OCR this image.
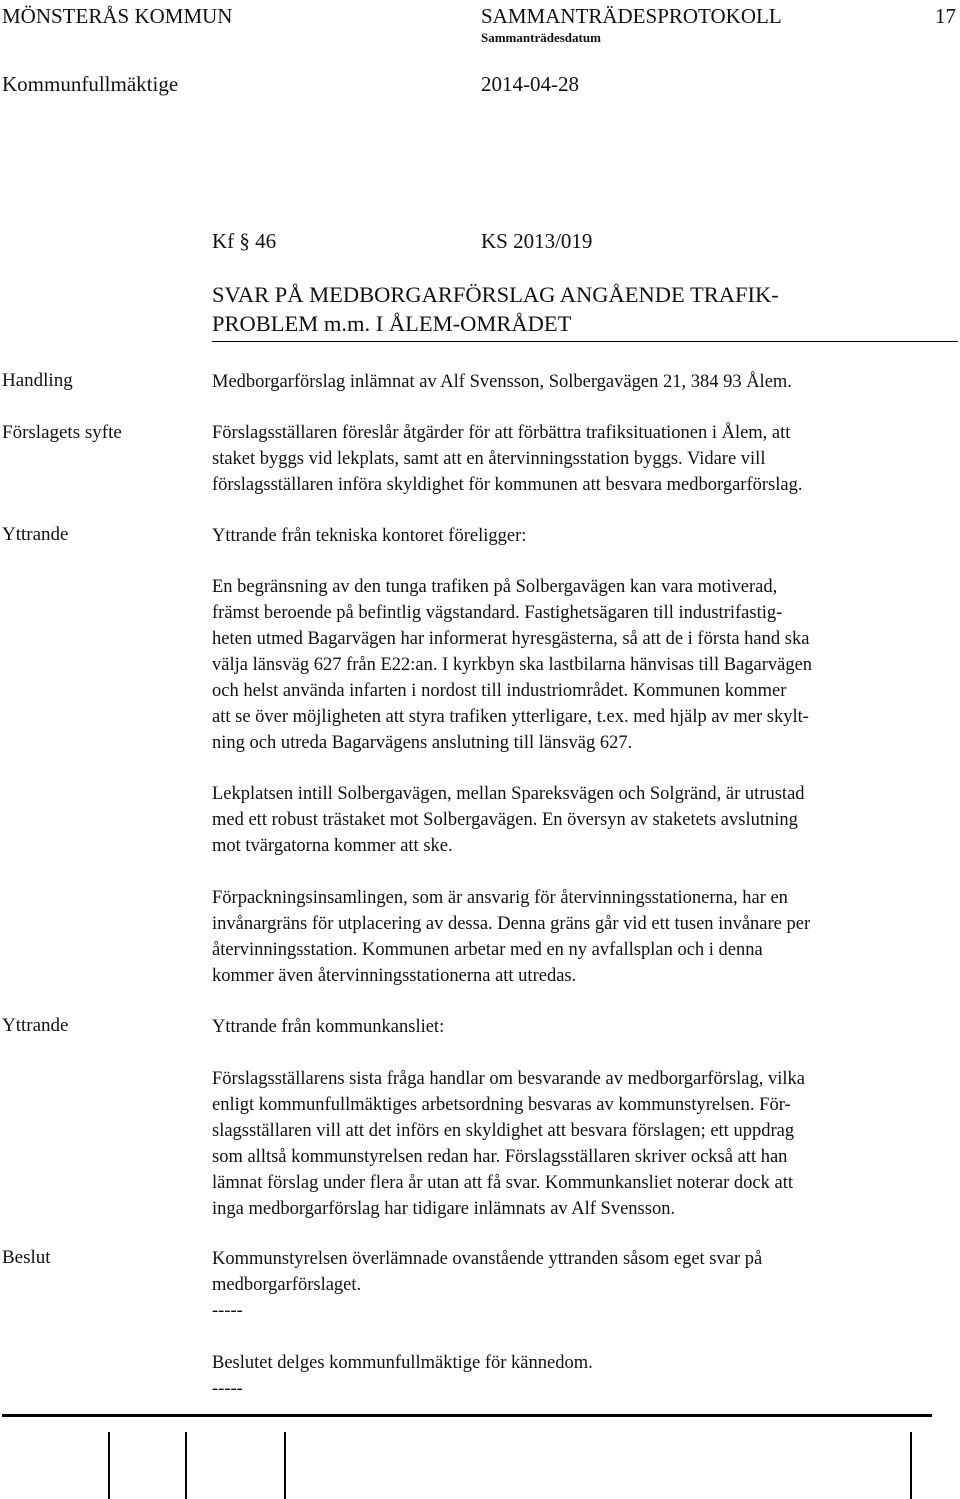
MÖNSTERÅS KOMMUN	SAMMANTRÄDESPROTOKOLL	17
Sammanträdesdatum
Kommunfullmäktige	2014-04-28
Kf § 46	KS 2013/019
SVAR PÅ MEDBORGARFÖRSLAG ANGÅENDE TRAFIK-
PROBLEM m.m. I ÅLEM-OMRÅDET
Handling	Medborgarförslag inlämnat av Alf Svensson, Solbergavägen 21, 384 93 Ålem.
Förslagets syfte	Förslagsställaren föreslår åtgärder för att förbättra trafiksituationen i Ålem, att

staket byggs vid lekplats, samt att en återvinningsstation byggs. Vidare vill

förslagsställaren införa skyldighet för kommunen att besvara medborgarförslag.

Yttrande	Yttrande från tekniska kontoret föreligger:

En begränsning av den tunga trafiken på Solbergavägen kan vara motiverad,

främst beroende på befintlig vägstandard. Fastighetsägaren till industrifastig-

heten utmed Bagarvägen har informerat hyresgästerna, så att de i första hand ska

välja länsväg 627 från E22:an. I kyrkbyn ska lastbilarna hänvisas till Bagarvägen

och helst använda infarten i nordost till industriområdet. Kommunen kommer

att se över möjligheten att styra trafiken ytterligare, t.ex. med hjälp av mer skylt-

ning och utreda Bagarvägens anslutning till länsväg 627.

Lekplatsen intill Solbergavägen, mellan Spareksvägen och Solgränd, är utrustad

med ett robust trästaket mot Solbergavägen. En översyn av staketets avslutning

mot tvärgatorna kommer att ske.

Förpackningsinsamlingen, som är ansvarig för återvinningsstationerna, har en

invånargräns för utplacering av dessa. Denna gräns går vid ett tusen invånare per

återvinningsstation. Kommunen arbetar med en ny avfallsplan och i denna

kommer även återvinningsstationerna att utredas.

Yttrande	Yttrande från kommunkansliet:

Förslagsställarens sista fråga handlar om besvarande av medborgarförslag, vilka

enligt kommunfullmäktiges arbetsordning besvaras av kommunstyrelsen. För-

slagsställaren vill att det införs en skyldighet att besvara förslagen; ett uppdrag

som alltså kommunstyrelsen redan har. Förslagsställaren skriver också att han

lämnat förslag under flera år utan att få svar. Kommunkansliet noterar dock att

inga medborgarförslag har tidigare inlämnats av Alf Svensson.

Beslut	Kommunstyrelsen överlämnade ovanstående yttranden såsom eget svar på

medborgarförslaget.

-----

Beslutet delges kommunfullmäktige för kännedom.

-----
